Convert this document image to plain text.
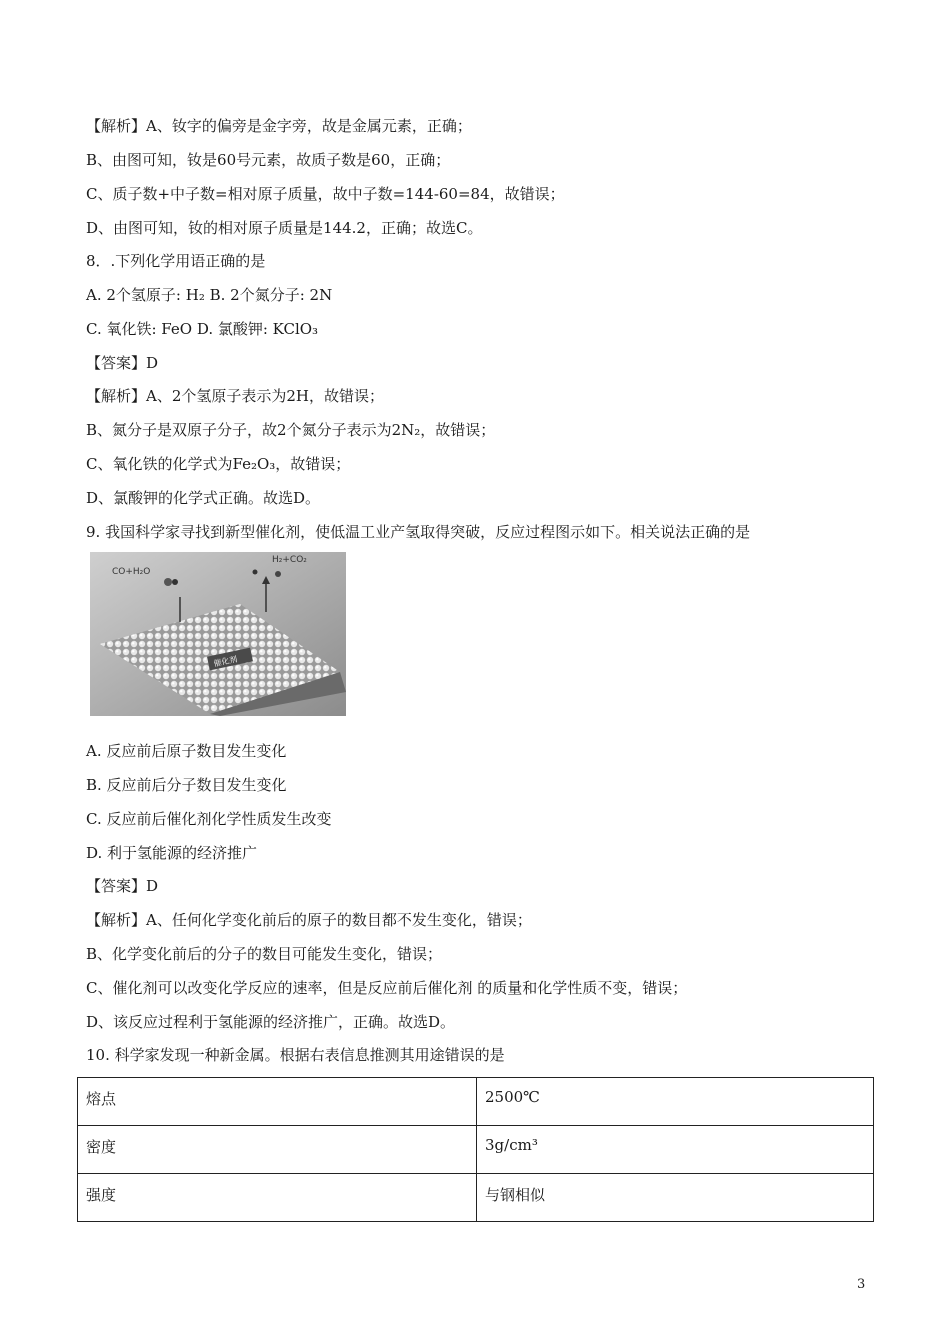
【解析】A、钕字的偏旁是金字旁，故是金属元素，正确；
B、由图可知，钕是60号元素，故质子数是60，正确；
C、质子数+中子数=相对原子质量，故中子数=144-60=84，故错误；
D、由图可知，钕的相对原子质量是144.2，正确；故选C。
8．.下列化学用语正确的是
A. 2个氢原子: H₂ B. 2个氮分子: 2N
C. 氧化铁: FeO D. 氯酸钾: KClO₃
【答案】D
【解析】A、2个氢原子表示为2H，故错误；
B、氮分子是双原子分子，故2个氮分子表示为2N₂，故错误；
C、氧化铁的化学式为Fe₂O₃，故错误；
D、氯酸钾的化学式正确。故选D。
9. 我国科学家寻找到新型催化剂，使低温工业产氢取得突破，反应过程图示如下。相关说法正确的是
催化剂
CO+H₂O
H₂+CO₂
A. 反应前后原子数目发生变化
B. 反应前后分子数目发生变化
C. 反应前后催化剂化学性质发生改变
D. 利于氢能源的经济推广
【答案】D
【解析】A、任何化学变化前后的原子的数目都不发生变化，错误；
B、化学变化前后的分子的数目可能发生变化，错误；
C、催化剂可以改变化学反应的速率，但是反应前后催化剂 的质量和化学性质不变，错误；
D、该反应过程利于氢能源的经济推广，正确。故选D。
10. 科学家发现一种新金属。根据右表信息推测其用途错误的是
熔点	2500℃
密度	3g/cm³
强度	与钢相似
3
